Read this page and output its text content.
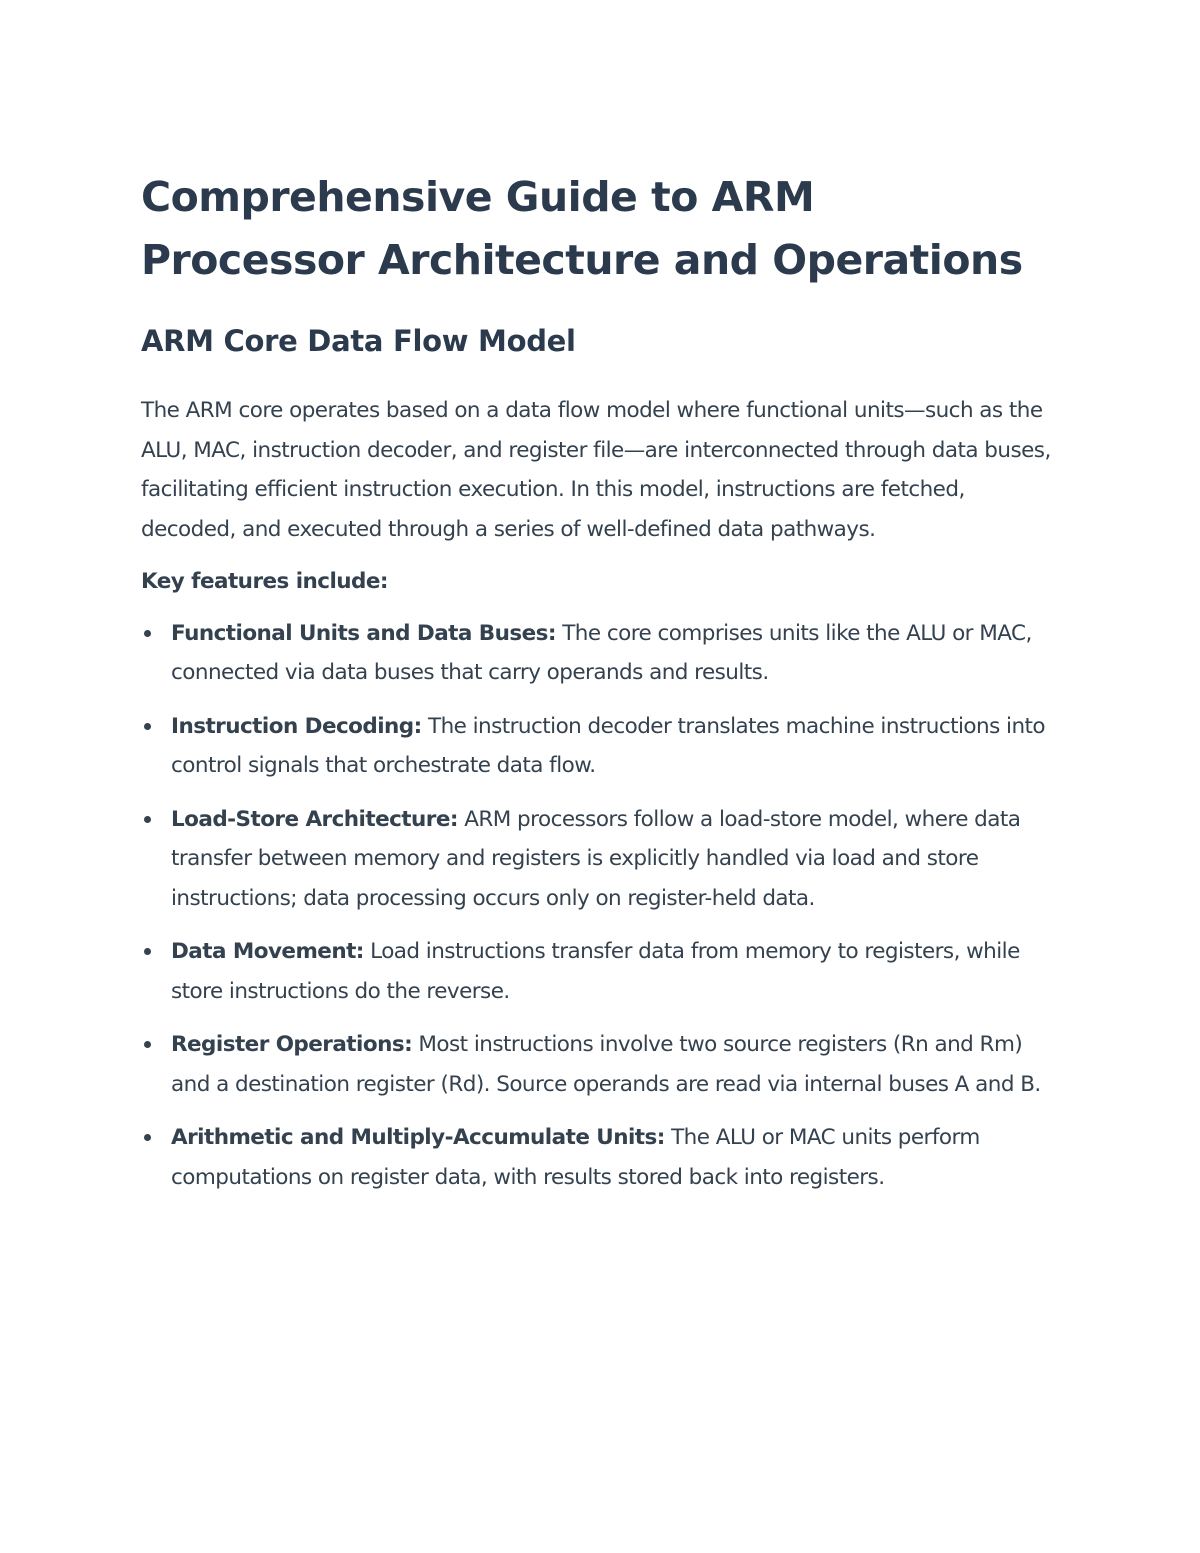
Comprehensive Guide to ARM
Processor Architecture and Operations
ARM Core Data Flow Model

The ARM core operates based on a data flow model where functional units—such as the ALU, MAC, instruction decoder, and register file—are interconnected through data buses, facilitating efficient instruction execution. In this model, instructions are fetched, decoded, and executed through a series of well-defined data pathways.

Key features include:

Functional Units and Data Buses: The core comprises units like the ALU or MAC, connected via data buses that carry operands and results.
Instruction Decoding: The instruction decoder translates machine instructions into control signals that orchestrate data flow.
Load-Store Architecture: ARM processors follow a load-store model, where data transfer between memory and registers is explicitly handled via load and store instructions; data processing occurs only on register-held data.
Data Movement: Load instructions transfer data from memory to registers, while store instructions do the reverse.
Register Operations: Most instructions involve two source registers (Rn and Rm) and a destination register (Rd). Source operands are read via internal buses A and B.
Arithmetic and Multiply-Accumulate Units: The ALU or MAC units perform computations on register data, with results stored back into registers.
